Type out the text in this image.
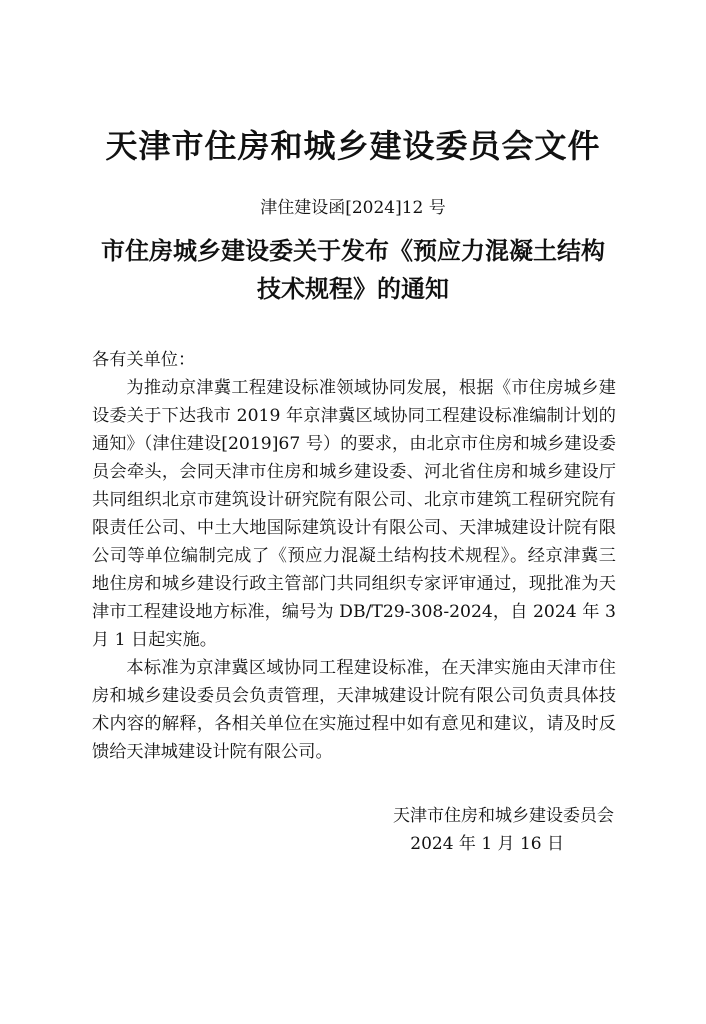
天津市住房和城乡建设委员会文件
津住建设函[2024]12 号
市住房城乡建设委关于发布《预应力混凝土结构
技术规程》的通知

各有关单位：

为推动京津冀工程建设标准领域协同发展，根据《市住房城乡建设委关于下达我市 2019 年京津冀区域协同工程建设标准编制计划的通知》（津住建设[2019]67 号）的要求，由北京市住房和城乡建设委员会牵头，会同天津市住房和城乡建设委、河北省住房和城乡建设厅共同组织北京市建筑设计研究院有限公司、北京市建筑工程研究院有限责任公司、中土大地国际建筑设计有限公司、天津城建设计院有限公司等单位编制完成了《预应力混凝土结构技术规程》。经京津冀三地住房和城乡建设行政主管部门共同组织专家评审通过，现批准为天津市工程建设地方标准，编号为 DB/T29-308-2024，自 2024 年 3 月 1 日起实施。

本标准为京津冀区域协同工程建设标准，在天津实施由天津市住房和城乡建设委员会负责管理，天津城建设计院有限公司负责具体技术内容的解释，各相关单位在实施过程中如有意见和建议，请及时反馈给天津城建设计院有限公司。

天津市住房和城乡建设委员会
2024 年 1 月 16 日
